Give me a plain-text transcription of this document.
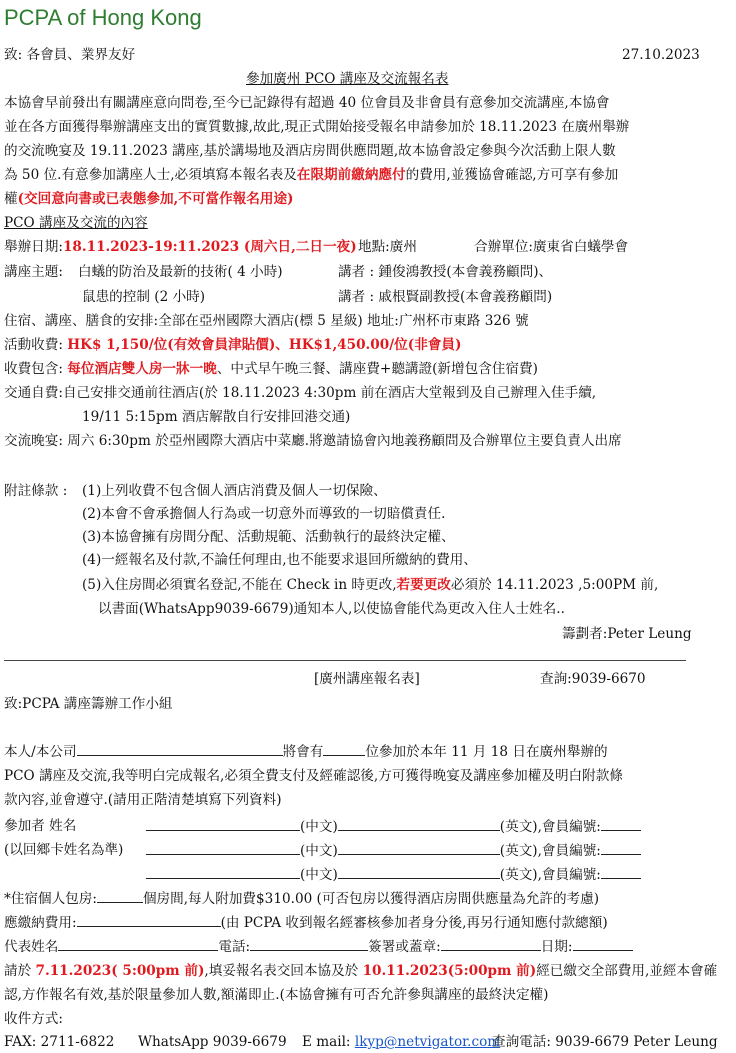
PCPA of Hong Kong
致: 各會員、業界友好	27.10.2023
參加廣州 PCO 講座及交流報名表
本協會早前發出有關講座意向問卷,至今已記錄得有超過 40 位會員及非會員有意參加交流講座,本協會
並在各方面獲得舉辦講座支出的實質數據,故此,現正式開始接受報名申請參加於 18.11.2023 在廣州舉辦
的交流晚宴及 19.11.2023 講座,基於講場地及酒店房間供應問題,故本協會設定參與今次活動上限人數
為 50 位.有意參加講座人士,必須填寫本報名表及在限期前繳納應付的費用,並獲協會確認,方可享有參加
權(交回意向書或已表態參加,不可當作報名用途)
PCO 講座及交流的內容
舉辦日期:18.11.2023-19:11.2023 (周六日,二日一夜) 地點:廣州	合辦單位:廣東省白蟻學會
講座主題: 白蟻的防治及最新的技術( 4 小時)	講者 : 鍾俊鴻教授(本會義務顧問)、
鼠患的控制 (2 小時)	講者 : 戚根賢副教授(本會義務顧問)
住宿、講座、膳食的安排:全部在亞州國際大酒店(標 5 星級) 地址:广州杯市東路 326 號
活動收費: HK$ 1,150/位(有效會員津貼價)、HK$1,450.00/位(非會員)
收費包含: 每位酒店雙人房一牀一晚、中式早午晚三餐、講座費+聽講證(新增包含住宿費)
交通自費:自己安排交通前往酒店(於 18.11.2023 4:30pm 前在酒店大堂報到及自己辦理入佳手續,
19/11 5:15pm 酒店解散自行安排回港交通)
交流晚宴: 周六 6:30pm 於亞州國際大酒店中菜廳.將邀請協會內地義務顧問及合辦單位主要負責人出席
附註條款 : (1)上列收費不包含個人酒店消費及個人一切保險、
(2)本會不會承擔個人行為或一切意外而導致的一切賠償責任.
(3)本協會擁有房間分配、活動規範、活動執行的最終決定權、
(4)一經報名及付款,不論任何理由,也不能要求退回所繳納的費用、
(5)入住房間必須實名登記,不能在 Check in 時更改,若要更改必須於 14.11.2023 ,5:00PM 前,
以書面(WhatsApp9039-6679)通知本人,以使協會能代為更改入住人士姓名..
籌劃者:Peter Leung
[廣州講座報名表]	查詢:9039-6670
致:PCPA 講座籌辦工作小組
本人/本公司	將會有	位參加於本年 11 月 18 日在廣州舉辦的
PCO 講座及交流,我等明白完成報名,必須全費支付及經確認後,方可獲得晚宴及講座參加權及明白附款條
款內容,並會遵守.(請用正階清楚填寫下列資料)
參加者 姓名	(中文)	(英文),會員編號:
(以回鄉卡姓名為準)	(中文)	(英文),會員編號:
(中文)	(英文),會員編號:
*住宿個人包房:	個房間,每人附加費$310.00 (可否包房以獲得酒店房間供應量為允許的考慮)
應繳納費用:	(由 PCPA 收到報名經審核參加者身分後,再另行通知應付款總額)
代表姓名	電話:	簽署或蓋章:	日期:
請於 7.11.2023( 5:00pm 前),填妥報名表交回本協及於 10.11.2023(5:00pm 前)經已繳交全部費用,並經本會確
認,方作報名有效,基於限量參加人數,額滿即止.(本協會擁有可否允許參與講座的最終決定權)
收件方式:
FAX: 2711-6822 WhatsApp 9039-6679 E mail: lkyp@netvigator.com
查詢電話: 9039-6679 Peter Leung
